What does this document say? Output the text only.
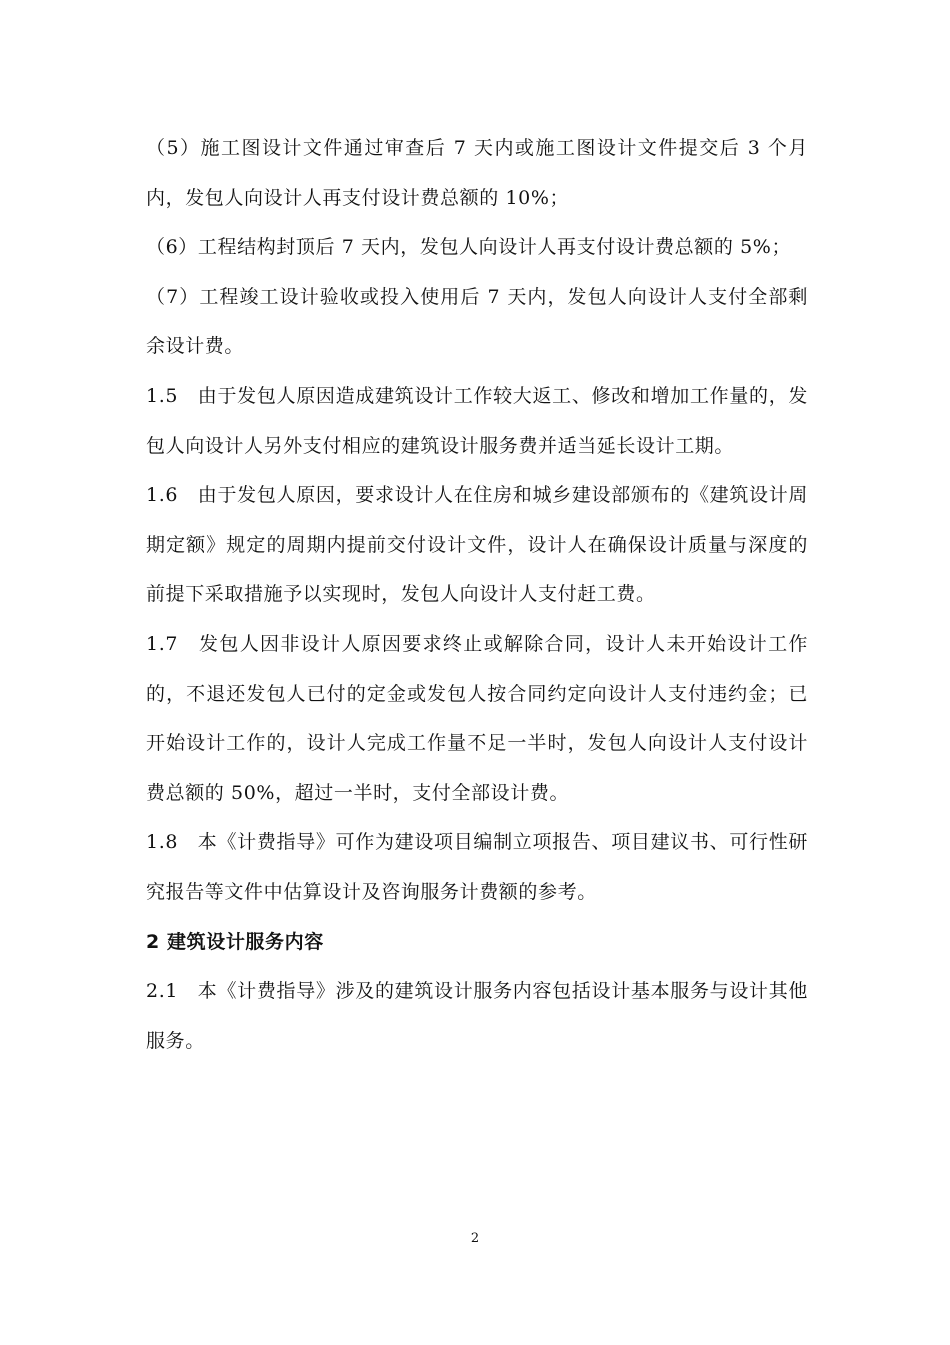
（5）施工图设计文件通过审查后 7 天内或施工图设计文件提交后 3 个月内，发包人向设计人再支付设计费总额的 10%；

（6）工程结构封顶后 7 天内，发包人向设计人再支付设计费总额的 5%；

（7）工程竣工设计验收或投入使用后 7 天内，发包人向设计人支付全部剩余设计费。

1.5　由于发包人原因造成建筑设计工作较大返工、修改和增加工作量的，发包人向设计人另外支付相应的建筑设计服务费并适当延长设计工期。

1.6　由于发包人原因，要求设计人在住房和城乡建设部颁布的《建筑设计周期定额》规定的周期内提前交付设计文件，设计人在确保设计质量与深度的前提下采取措施予以实现时，发包人向设计人支付赶工费。

1.7　发包人因非设计人原因要求终止或解除合同，设计人未开始设计工作的，不退还发包人已付的定金或发包人按合同约定向设计人支付违约金；已开始设计工作的，设计人完成工作量不足一半时，发包人向设计人支付设计费总额的 50%，超过一半时，支付全部设计费。

1.8　本《计费指导》可作为建设项目编制立项报告、项目建议书、可行性研究报告等文件中估算设计及咨询服务计费额的参考。

2 建筑设计服务内容

2.1　本《计费指导》涉及的建筑设计服务内容包括设计基本服务与设计其他服务。

2
